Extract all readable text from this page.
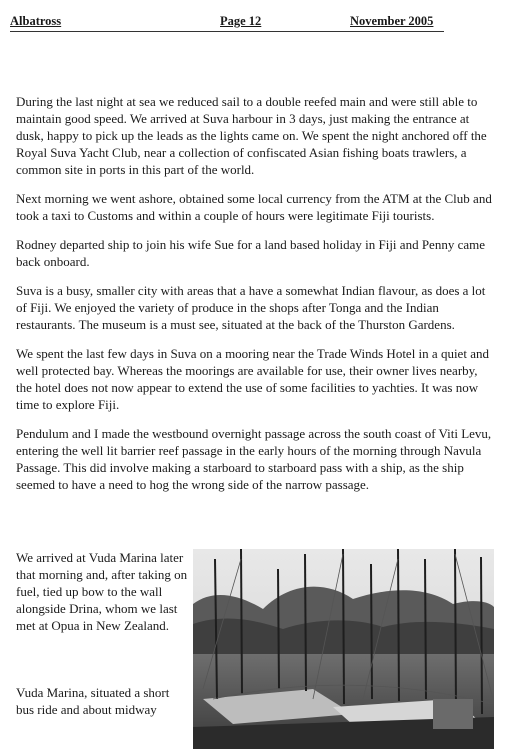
Albatross	Page 12	November 2005

During the last night at sea we reduced sail to a double reefed main and were still able to maintain good speed. We arrived at Suva harbour in 3 days, just making the entrance at dusk, happy to pick up the leads as the lights came on. We spent the night anchored off the Royal Suva Yacht Club, near a collection of confiscated Asian fishing boats trawlers, a common site in ports in this part of the world.

Next morning we went ashore, obtained some local currency from the ATM at the Club and took a taxi to Customs and within a couple of hours were legitimate Fiji tourists.

Rodney departed ship to join his wife Sue for a land based holiday in Fiji and Penny came back onboard.

Suva is a busy, smaller city with areas that a have a somewhat Indian flavour, as does a lot of Fiji. We enjoyed the variety of produce in the shops after Tonga and the Indian restaurants. The museum is a must see, situated at the back of the Thurston Gardens.

We spent the last few days in Suva on a mooring near the Trade Winds Hotel in a quiet and well protected bay. Whereas the moorings are available for use, their owner lives nearby, the hotel does not now appear to extend the use of some facilities to yachties. It was now time to explore Fiji.

Pendulum and I made the westbound overnight passage across the south coast of Viti Levu, entering the well lit barrier reef passage in the early hours of the morning through Navula Passage. This did involve making a starboard to starboard pass with a ship, as the ship seemed to have a need to hog the wrong side of the narrow passage.

We arrived at Vuda Marina later that morning and, after taking on fuel, tied up bow to the wall alongside Drina, whom we last met at Opua in New Zealand.

Vuda Marina, situated a short bus ride and about midway
